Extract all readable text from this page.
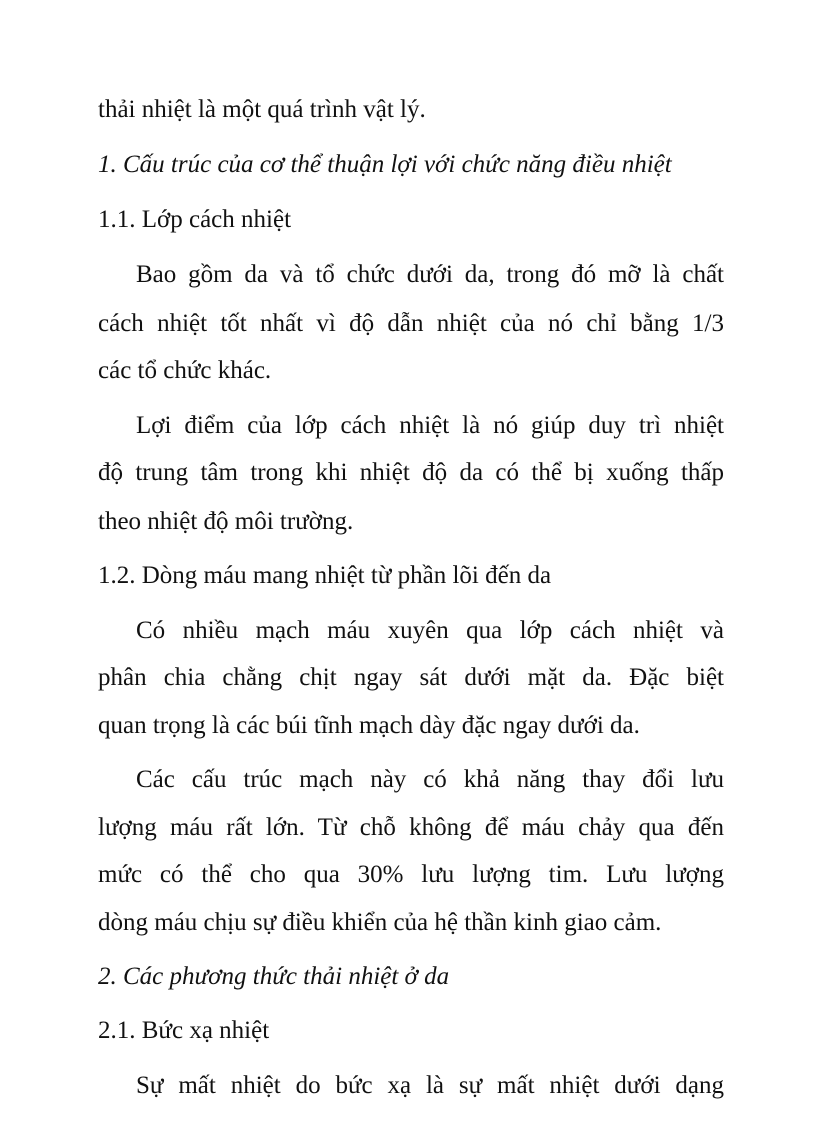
thải nhiệt là một quá trình vật lý.

1. Cấu trúc của cơ thể thuận lợi với chức năng điều nhiệt

1.1. Lớp cách nhiệt

Bao gồm da và tổ chức dưới da, trong đó mỡ là chất

cách nhiệt tốt nhất vì độ dẫn nhiệt của nó chỉ bằng 1/3

các tổ chức khác.

Lợi điểm của lớp cách nhiệt là nó giúp duy trì nhiệt

độ trung tâm trong khi nhiệt độ da có thể bị xuống thấp

theo nhiệt độ môi trường.

1.2. Dòng máu mang nhiệt từ phần lõi đến da

Có nhiều mạch máu xuyên qua lớp cách nhiệt và

phân chia chằng chịt ngay sát dưới mặt da. Đặc biệt

quan trọng là các búi tĩnh mạch dày đặc ngay dưới da.

Các cấu trúc mạch này có khả năng thay đổi lưu

lượng máu rất lớn. Từ chỗ không để máu chảy qua đến

mức có thể cho qua 30% lưu lượng tim. Lưu lượng

dòng máu chịu sự điều khiển của hệ thần kinh giao cảm.

2. Các phương thức thải nhiệt ở da

2.1. Bức xạ nhiệt

Sự mất nhiệt do bức xạ là sự mất nhiệt dưới dạng
